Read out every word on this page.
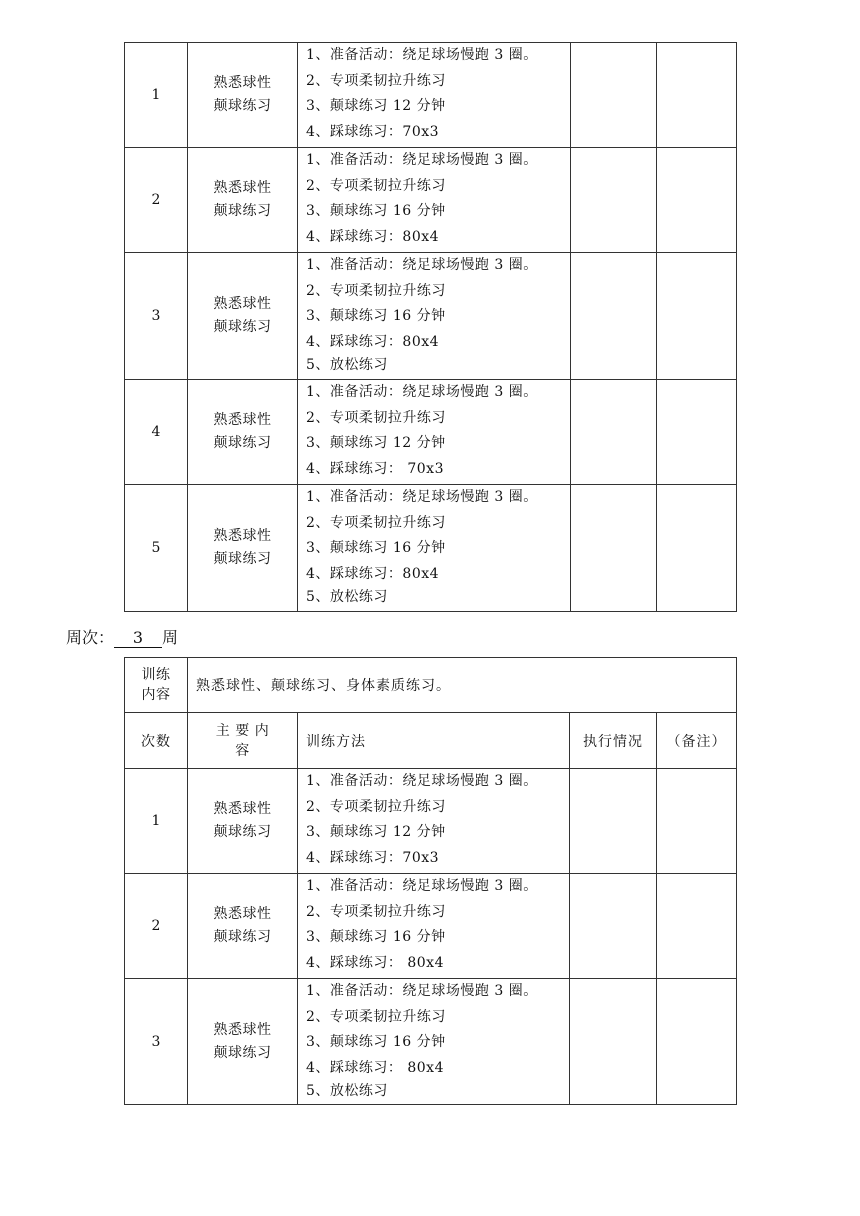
1	熟悉球性
颠球练习	1、准备活动：绕足球场慢跑 3 圈。
2、专项柔韧拉升练习
3、颠球练习 12 分钟
4、踩球练习：70x3		

2	熟悉球性
颠球练习	1、准备活动：绕足球场慢跑 3 圈。
2、专项柔韧拉升练习
3、颠球练习 16 分钟
4、踩球练习：80x4		

3	熟悉球性
颠球练习	1、准备活动：绕足球场慢跑 3 圈。
2、专项柔韧拉升练习
3、颠球练习 16 分钟
4、踩球练习：80x4
5、放松练习		

4	熟悉球性
颠球练习	1、准备活动：绕足球场慢跑 3 圈。
2、专项柔韧拉升练习
3、颠球练习 12 分钟
4、踩球练习： 70x3		

5	熟悉球性
颠球练习	1、准备活动：绕足球场慢跑 3 圈。
2、专项柔韧拉升练习
3、颠球练习 16 分钟
4、踩球练习：80x4
5、放松练习		

周次： 3 周
训练
内容	熟悉球性、颠球练习、身体素质练习。			
次数	主 要 内
容	训练方法	执行情况	（备注）
1	熟悉球性
颠球练习	1、准备活动：绕足球场慢跑 3 圈。
2、专项柔韧拉升练习
3、颠球练习 12 分钟
4、踩球练习：70x3		

2	熟悉球性
颠球练习	1、准备活动：绕足球场慢跑 3 圈。
2、专项柔韧拉升练习
3、颠球练习 16 分钟
4、踩球练习： 80x4		

3	熟悉球性
颠球练习	1、准备活动：绕足球场慢跑 3 圈。
2、专项柔韧拉升练习
3、颠球练习 16 分钟
4、踩球练习： 80x4
5、放松练习		
